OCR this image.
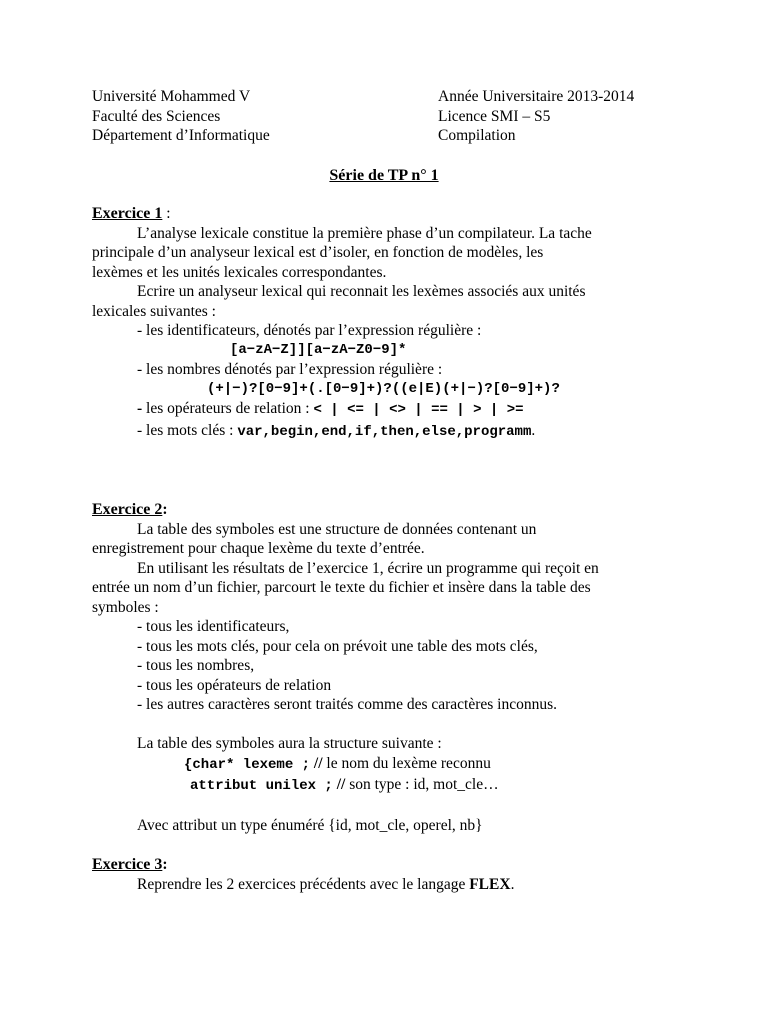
Université Mohammed V
Faculté des Sciences
Département d’Informatique
Année Universitaire 2013-2014
Licence SMI – S5
Compilation
Série de TP n° 1
Exercice 1 :
L’analyse lexicale constitue la première phase d’un compilateur. La tache
principale d’un analyseur lexical est d’isoler, en fonction de modèles, les
lexèmes et les unités lexicales correspondantes.
Ecrire un analyseur lexical qui reconnait les lexèmes associés aux unités
lexicales suivantes :
- les identificateurs, dénotés par l’expression régulière :
[a−zA−Z]][a−zA−Z0−9]*
- les nombres dénotés par l’expression régulière :
(+|−)?[0−9]+(.[0−9]+)?((e|E)(+|−)?[0−9]+)?
- les opérateurs de relation : < | <= | <> | == | > | >=
- les mots clés : var,begin,end,if,then,else,programm.
Exercice 2:
La table des symboles est une structure de données contenant un
enregistrement pour chaque lexème du texte d’entrée.
En utilisant les résultats de l’exercice 1, écrire un programme qui reçoit en
entrée un nom d’un fichier, parcourt le texte du fichier et insère dans la table des
symboles :
- tous les identificateurs,
- tous les mots clés, pour cela on prévoit une table des mots clés,
- tous les nombres,
- tous les opérateurs de relation
- les autres caractères seront traités comme des caractères inconnus.
La table des symboles aura la structure suivante :
{char* lexeme ; // le nom du lexème reconnu
attribut unilex ; // son type : id, mot_cle…
Avec attribut un type énuméré {id, mot_cle, operel, nb}
Exercice 3:
Reprendre les 2 exercices précédents avec le langage FLEX.
